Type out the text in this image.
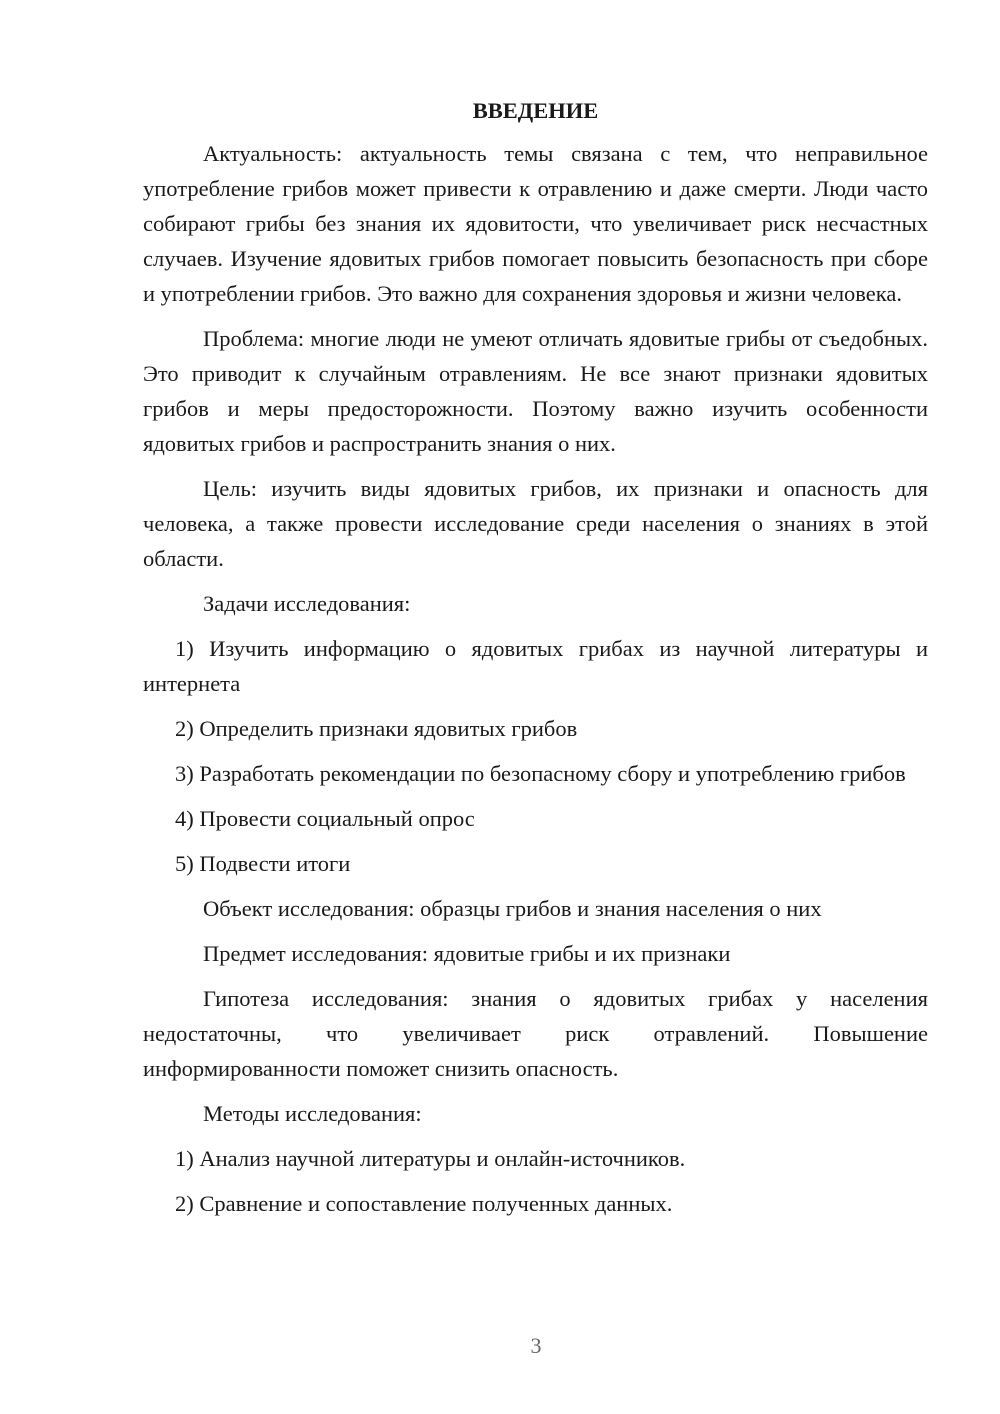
ВВЕДЕНИЕ

Актуальность: актуальность темы связана с тем, что неправильное употребление грибов может привести к отравлению и даже смерти. Люди часто собирают грибы без знания их ядовитости, что увеличивает риск несчастных случаев. Изучение ядовитых грибов помогает повысить безопасность при сборе и употреблении грибов. Это важно для сохранения здоровья и жизни человека.

Проблема: многие люди не умеют отличать ядовитые грибы от съедобных. Это приводит к случайным отравлениям. Не все знают признаки ядовитых грибов и меры предосторожности. Поэтому важно изучить особенности ядовитых грибов и распространить знания о них.

Цель: изучить виды ядовитых грибов, их признаки и опасность для человека, а также провести исследование среди населения о знаниях в этой области.

Задачи исследования:

1) Изучить информацию о ядовитых грибах из научной литературы и интернета

2) Определить признаки ядовитых грибов

3) Разработать рекомендации по безопасному сбору и употреблению грибов

4) Провести социальный опрос

5) Подвести итоги

Объект исследования: образцы грибов и знания населения о них

Предмет исследования: ядовитые грибы и их признаки

Гипотеза исследования: знания о ядовитых грибах у населения недостаточны, что увеличивает риск отравлений. Повышение информированности поможет снизить опасность.

Методы исследования:

1) Анализ научной литературы и онлайн-источников.

2) Сравнение и сопоставление полученных данных.

3
